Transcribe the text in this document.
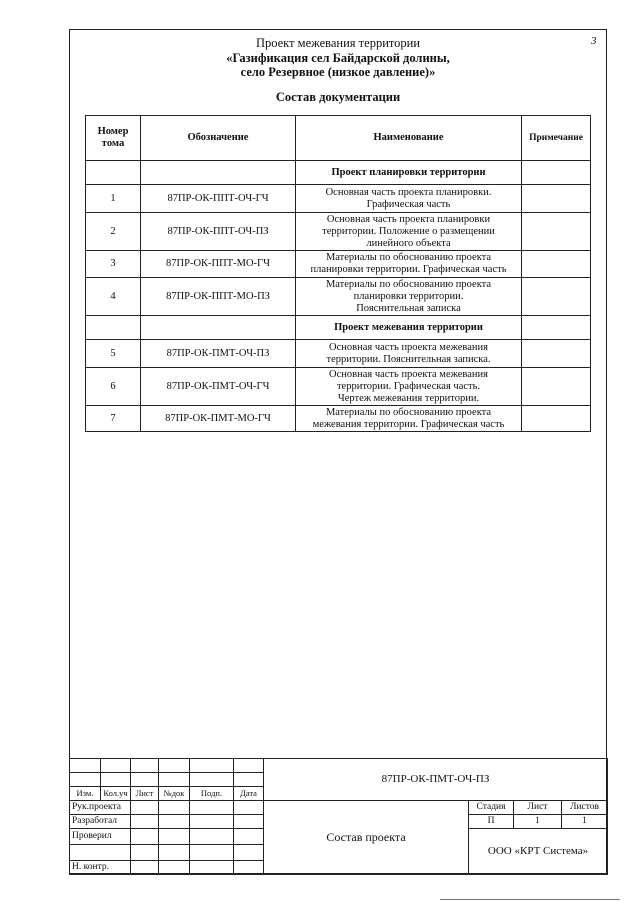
3
Проект межевания территории
«Газификация сел Байдарской долины,
село Резервное (низкое давление)»
Состав документации
Номер тома	Обозначение	Наименование	Примечание
		Проект планировки территории	
1	87ПР-ОК-ППТ-ОЧ-ГЧ	Основная часть проекта планировки.
Графическая часть	

2	87ПР-ОК-ППТ-ОЧ-ПЗ	Основная часть проекта планировки
территории. Положение о размещении
линейного объекта	

3	87ПР-ОК-ППТ-МО-ГЧ	Материалы по обоснованию проекта
планировки территории. Графическая часть	

4	87ПР-ОК-ППТ-МО-ПЗ	Материалы по обоснованию проекта
планировки территории.
Пояснительная записка	

		Проект межевания территории	
5	87ПР-ОК-ПМТ-ОЧ-ПЗ	Основная часть проекта межевания
территории. Пояснительная записка.	

6	87ПР-ОК-ПМТ-ОЧ-ГЧ	Основная часть проекта межевания
территории. Графическая часть.
Чертеж межевания территории.	

7	87ПР-ОК-ПМТ-МО-ГЧ	Материалы по обоснованию проекта
межевания территории. Графическая часть	

						87ПР-ОК-ПМТ-ОЧ-ПЗ			

Изм.	Кол.уч	Лист	№док	Подп.	Дата				
Рук.проекта						Состав проекта	Стадия	Лист	Листов
Разработал							П	1	1
Проверил							ООО «КРТ Система»		

Н. контр.									
